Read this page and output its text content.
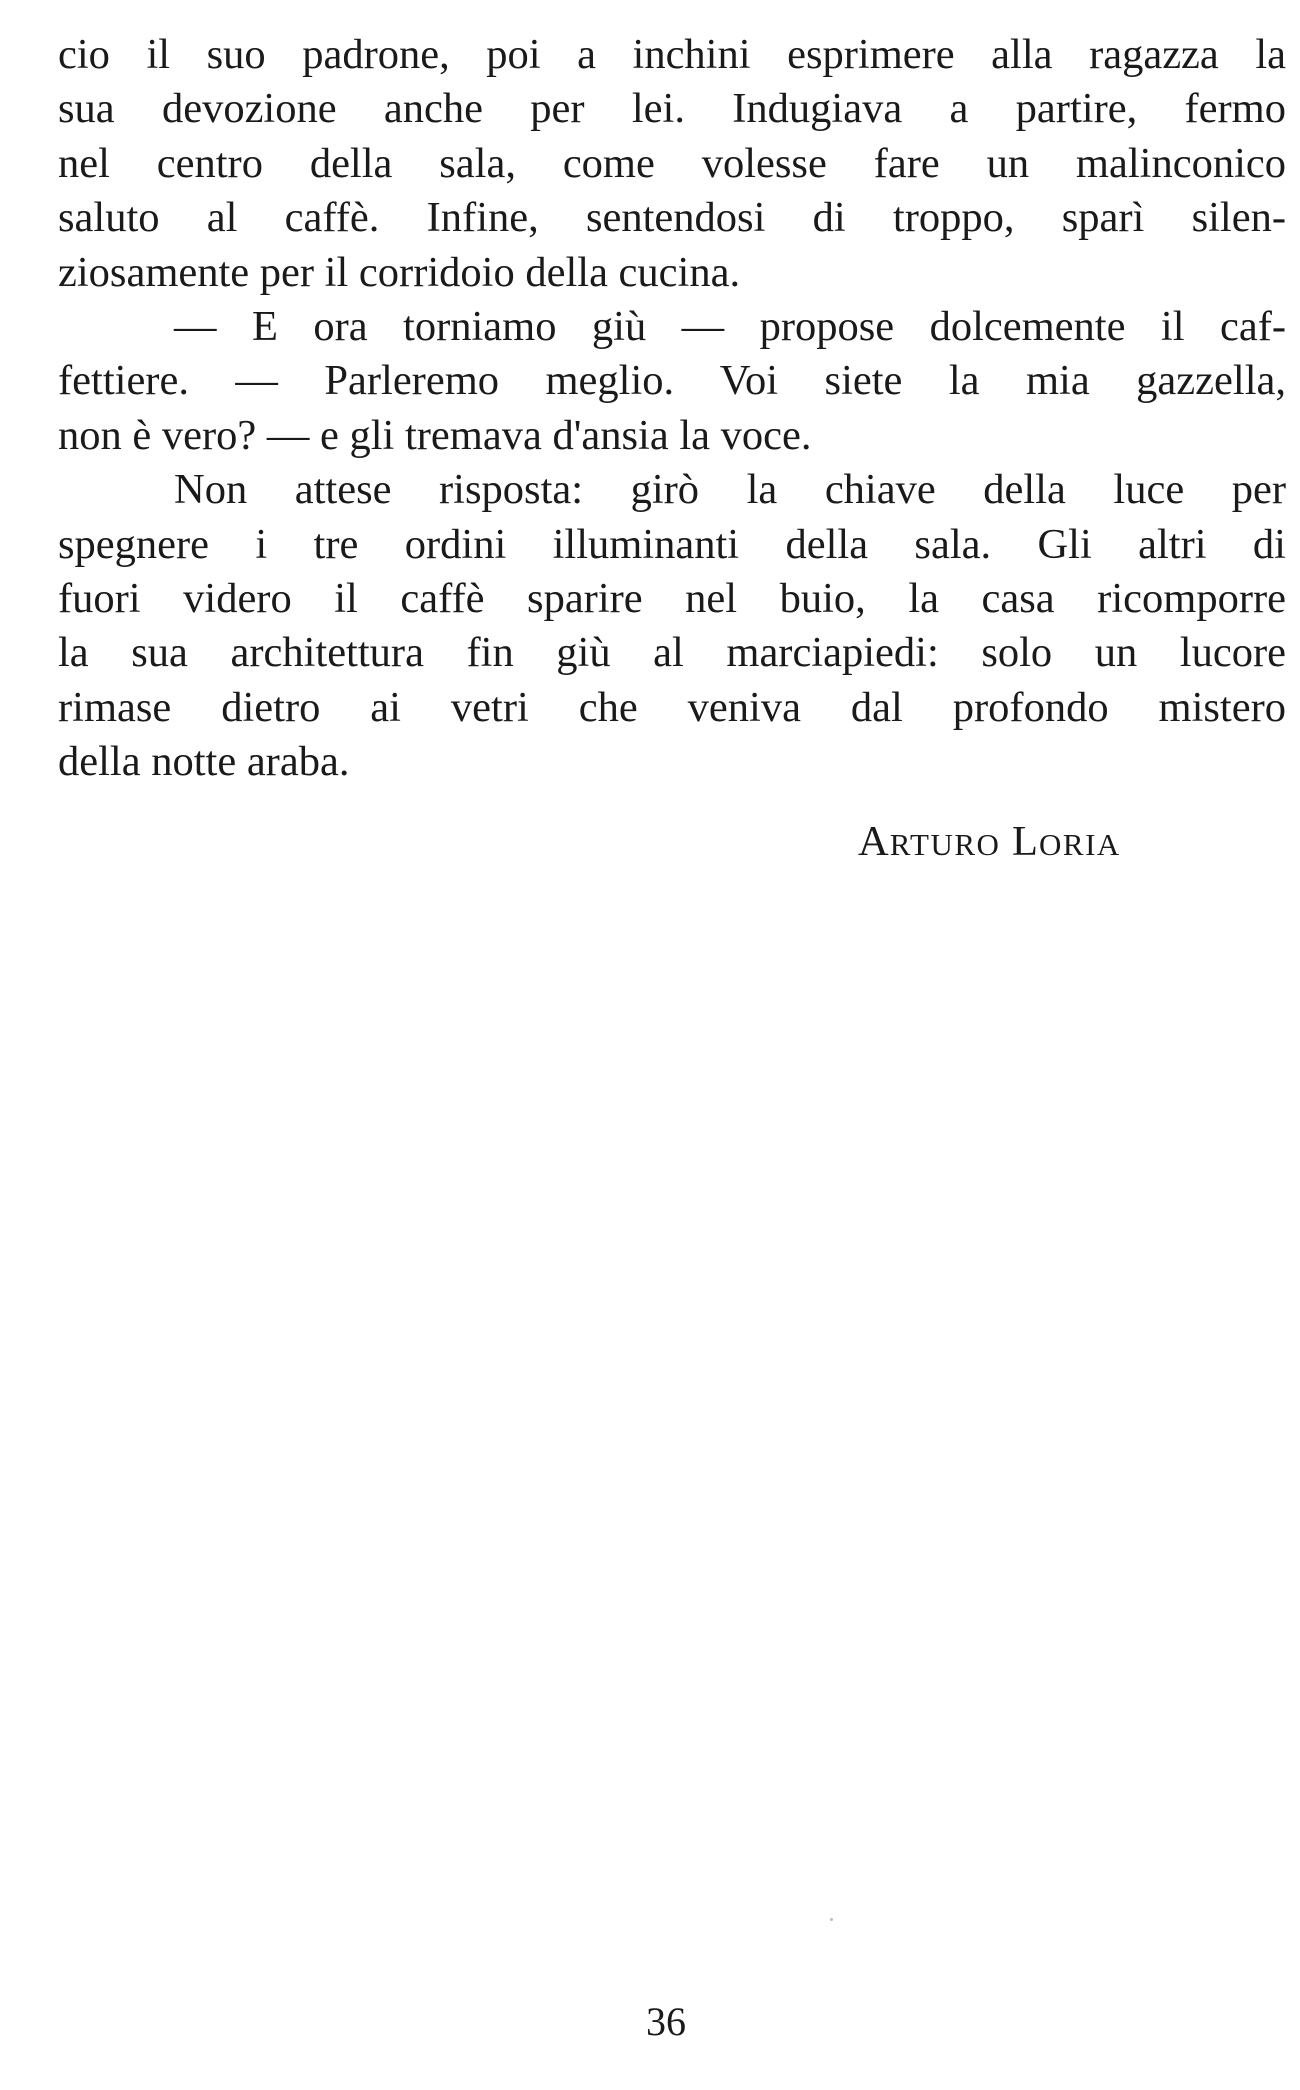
cio il suo padrone, poi a inchini esprimere alla ragazza la
sua devozione anche per lei. Indugiava a partire, fermo
nel centro della sala, come volesse fare un malinconico
saluto al caffè. Infine, sentendosi di troppo, sparì silen-
ziosamente per il corridoio della cucina.

— E ora torniamo giù — propose dolcemente il caf-
fettiere. — Parleremo meglio. Voi siete la mia gazzella,
non è vero? — e gli tremava d'ansia la voce.

Non attese risposta: girò la chiave della luce per
spegnere i tre ordini illuminanti della sala. Gli altri di
fuori videro il caffè sparire nel buio, la casa ricomporre
la sua architettura fin giù al marciapiedi: solo un lucore
rimase dietro ai vetri che veniva dal profondo mistero
della notte araba.

ARTURO LORIA
36
